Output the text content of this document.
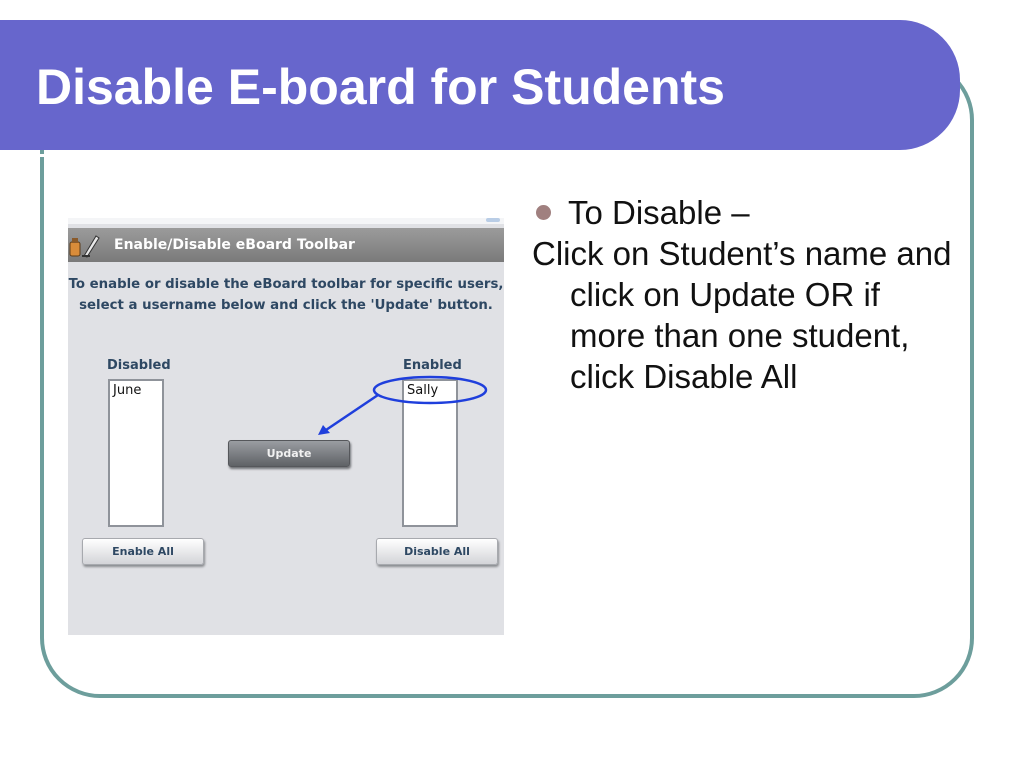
Disable E-board for Students
Enable/Disable eBoard Toolbar
To enable or disable the eBoard toolbar for specific users, select a username below and click the 'Update' button.
Disabled	Enabled
June	Sally
Update
Enable All	Disable All

To Disable –

Click on Student’s name and click on Update OR if more than one student, click Disable All
